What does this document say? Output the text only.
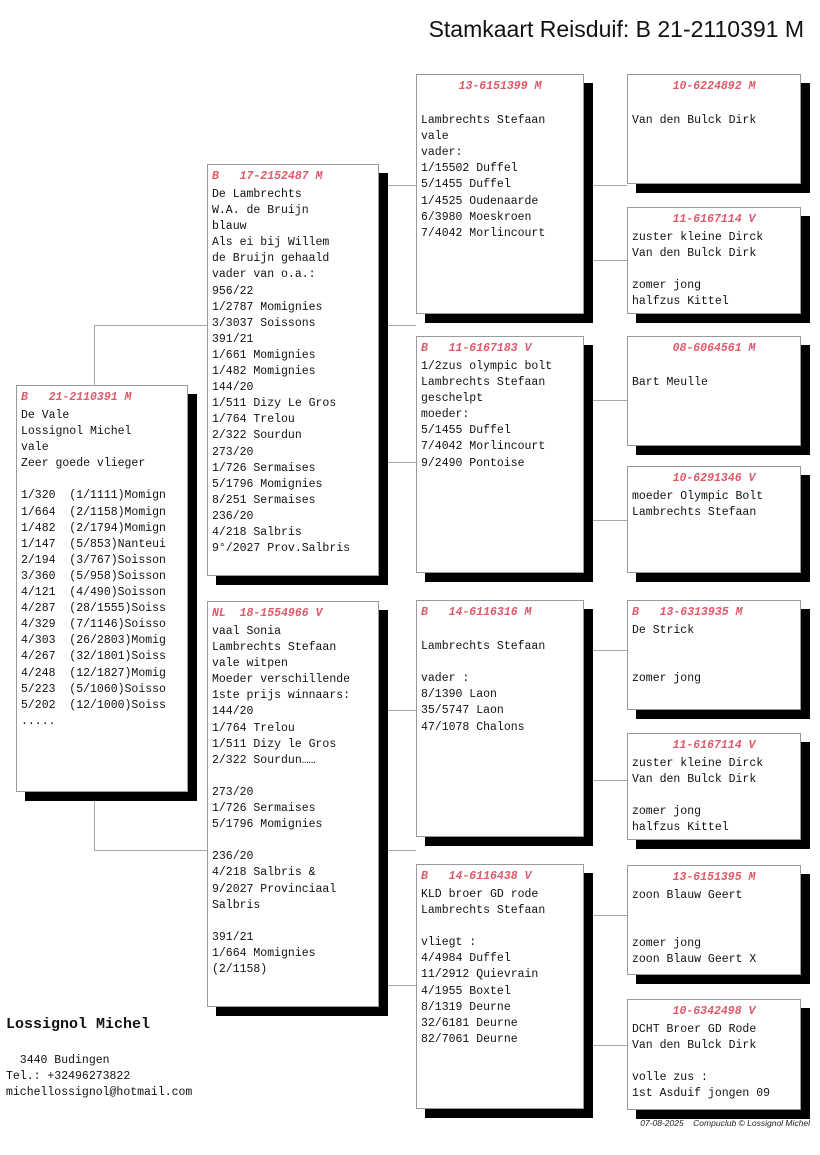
Stamkaart Reisduif: B 21-2110391 M
B   21-2110391 M
De Vale
Lossignol Michel
vale
Zeer goede vlieger

1/320  (1/1111)Momign
1/664  (2/1158)Momign
1/482  (2/1794)Momign
1/147  (5/853)Nanteui
2/194  (3/767)Soisson
3/360  (5/958)Soisson
4/121  (4/490)Soisson
4/287  (28/1555)Soiss
4/329  (7/1146)Soisso
4/303  (26/2803)Momig
4/267  (32/1801)Soiss
4/248  (12/1827)Momig
5/223  (5/1060)Soisso
5/202  (12/1000)Soiss
.....
B   17-2152487 M
De Lambrechts
W.A. de Bruijn
blauw
Als ei bij Willem
de Bruijn gehaald
vader van o.a.:
956/22
1/2787 Momignies
3/3037 Soissons
391/21
1/661 Momignies
1/482 Momignies
144/20
1/511 Dizy Le Gros
1/764 Trelou
2/322 Sourdun
273/20
1/726 Sermaises
5/1796 Momignies
8/251 Sermaises
236/20
4/218 Salbris
9°/2027 Prov.Salbris
NL  18-1554966 V
vaal Sonia
Lambrechts Stefaan
vale witpen
Moeder verschillende
1ste prijs winnaars:
144/20
1/764 Trelou
1/511 Dizy le Gros
2/322 Sourdun……

273/20
1/726 Sermaises
5/1796 Momignies

236/20
4/218 Salbris &
9/2027 Provinciaal
Salbris

391/21
1/664 Momignies
(2/1158)
13-6151399 M

Lambrechts Stefaan
vale
vader:
1/15502 Duffel
5/1455 Duffel
1/4525 Oudenaarde
6/3980 Moeskroen
7/4042 Morlincourt
B   11-6167183 V
1/2zus olympic bolt
Lambrechts Stefaan
geschelpt
moeder:
5/1455 Duffel
7/4042 Morlincourt
9/2490 Pontoise
B   14-6116316 M

Lambrechts Stefaan

vader :
8/1390 Laon
35/5747 Laon
47/1078 Chalons
B   14-6116438 V
KLD broer GD rode
Lambrechts Stefaan

vliegt :
4/4984 Duffel
11/2912 Quievrain
4/1955 Boxtel
8/1319 Deurne
32/6181 Deurne
82/7061 Deurne
10-6224892 M

Van den Bulck Dirk
11-6167114 V
zuster kleine Dirck
Van den Bulck Dirk

zomer jong
halfzus Kittel
08-6064561 M

Bart Meulle
10-6291346 V
moeder Olympic Bolt
Lambrechts Stefaan
B   13-6313935 M
De Strick

zomer jong
11-6167114 V
zuster kleine Dirck
Van den Bulck Dirk

zomer jong
halfzus Kittel
13-6151395 M
zoon Blauw Geert

zomer jong
zoon Blauw Geert X
10-6342498 V
DCHT Broer GD Rode
Van den Bulck Dirk

volle zus :
1st Asduif jongen 09
Lossignol Michel
3440 Budingen
Tel.: +32496273822
michellossignol@hotmail.com
07-08-2025 Compuclub © Lossignol Michel
